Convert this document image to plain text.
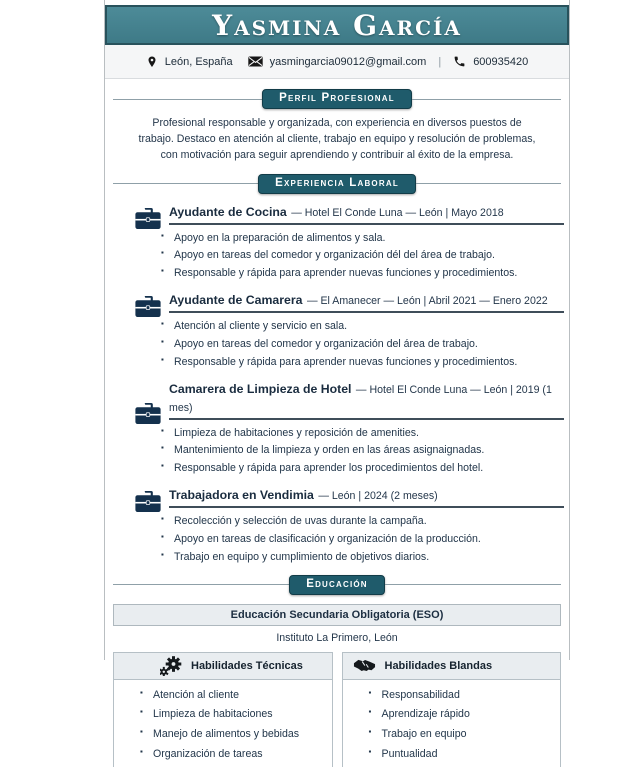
Yasmina García
León, España	yasmingarcia09012@gmail.com |	600935420
Perfil Profesional

Profesional responsable y organizada, con experiencia en diversos puestos de trabajo. Destaco en atención al cliente, trabajo en equipo y resolución de problemas, con motivación para seguir aprendiendo y contribuir al éxito de la empresa.

Experiencia Laboral
Ayudante de Cocina — Hotel El Conde Luna — León | Mayo 2018
▪ Apoyo en la preparación de alimentos y sala.
▪ Apoyo en tareas del comedor y organización dél del área de trabajo.
▪ Responsable y rápida para aprender nuevas funciones y procedimientos.
Ayudante de Camarera — El Amanecer — León | Abril 2021 — Enero 2022
▪ Atención al cliente y servicio en sala.
▪ Apoyo en tareas del comedor y organización del área de trabajo.
▪ Responsable y rápida para aprender nuevas funciones y procedimientos.
Camarera de Limpieza de Hotel — Hotel El Conde Luna — León | 2019 (1 mes)
▪ Limpieza de habitaciones y reposición de amenities.
▪ Mantenimiento de la limpieza y orden en las áreas asignaignadas.
▪ Responsable y rápida para aprender los procedimientos del hotel.
Trabajadora en Vendimia — León | 2024 (2 meses)
▪ Recolección y selección de uvas durante la campaña.
▪ Apoyo en tareas de clasificación y organización de la producción.
▪ Trabajo en equipo y cumplimiento de objetivos diarios.
Educación
Educación Secundaria Obligatoria (ESO)
Instituto La Primero, León
Habilidades Técnicas
▪ Atención al cliente
▪ Limpieza de habitaciones
▪ Manejo de alimentos y bebidas
▪ Organización de tareas
Habilidades Blandas
▪ Responsabilidad
▪ Aprendizaje rápido
▪ Trabajo en equipo
▪ Puntualidad
